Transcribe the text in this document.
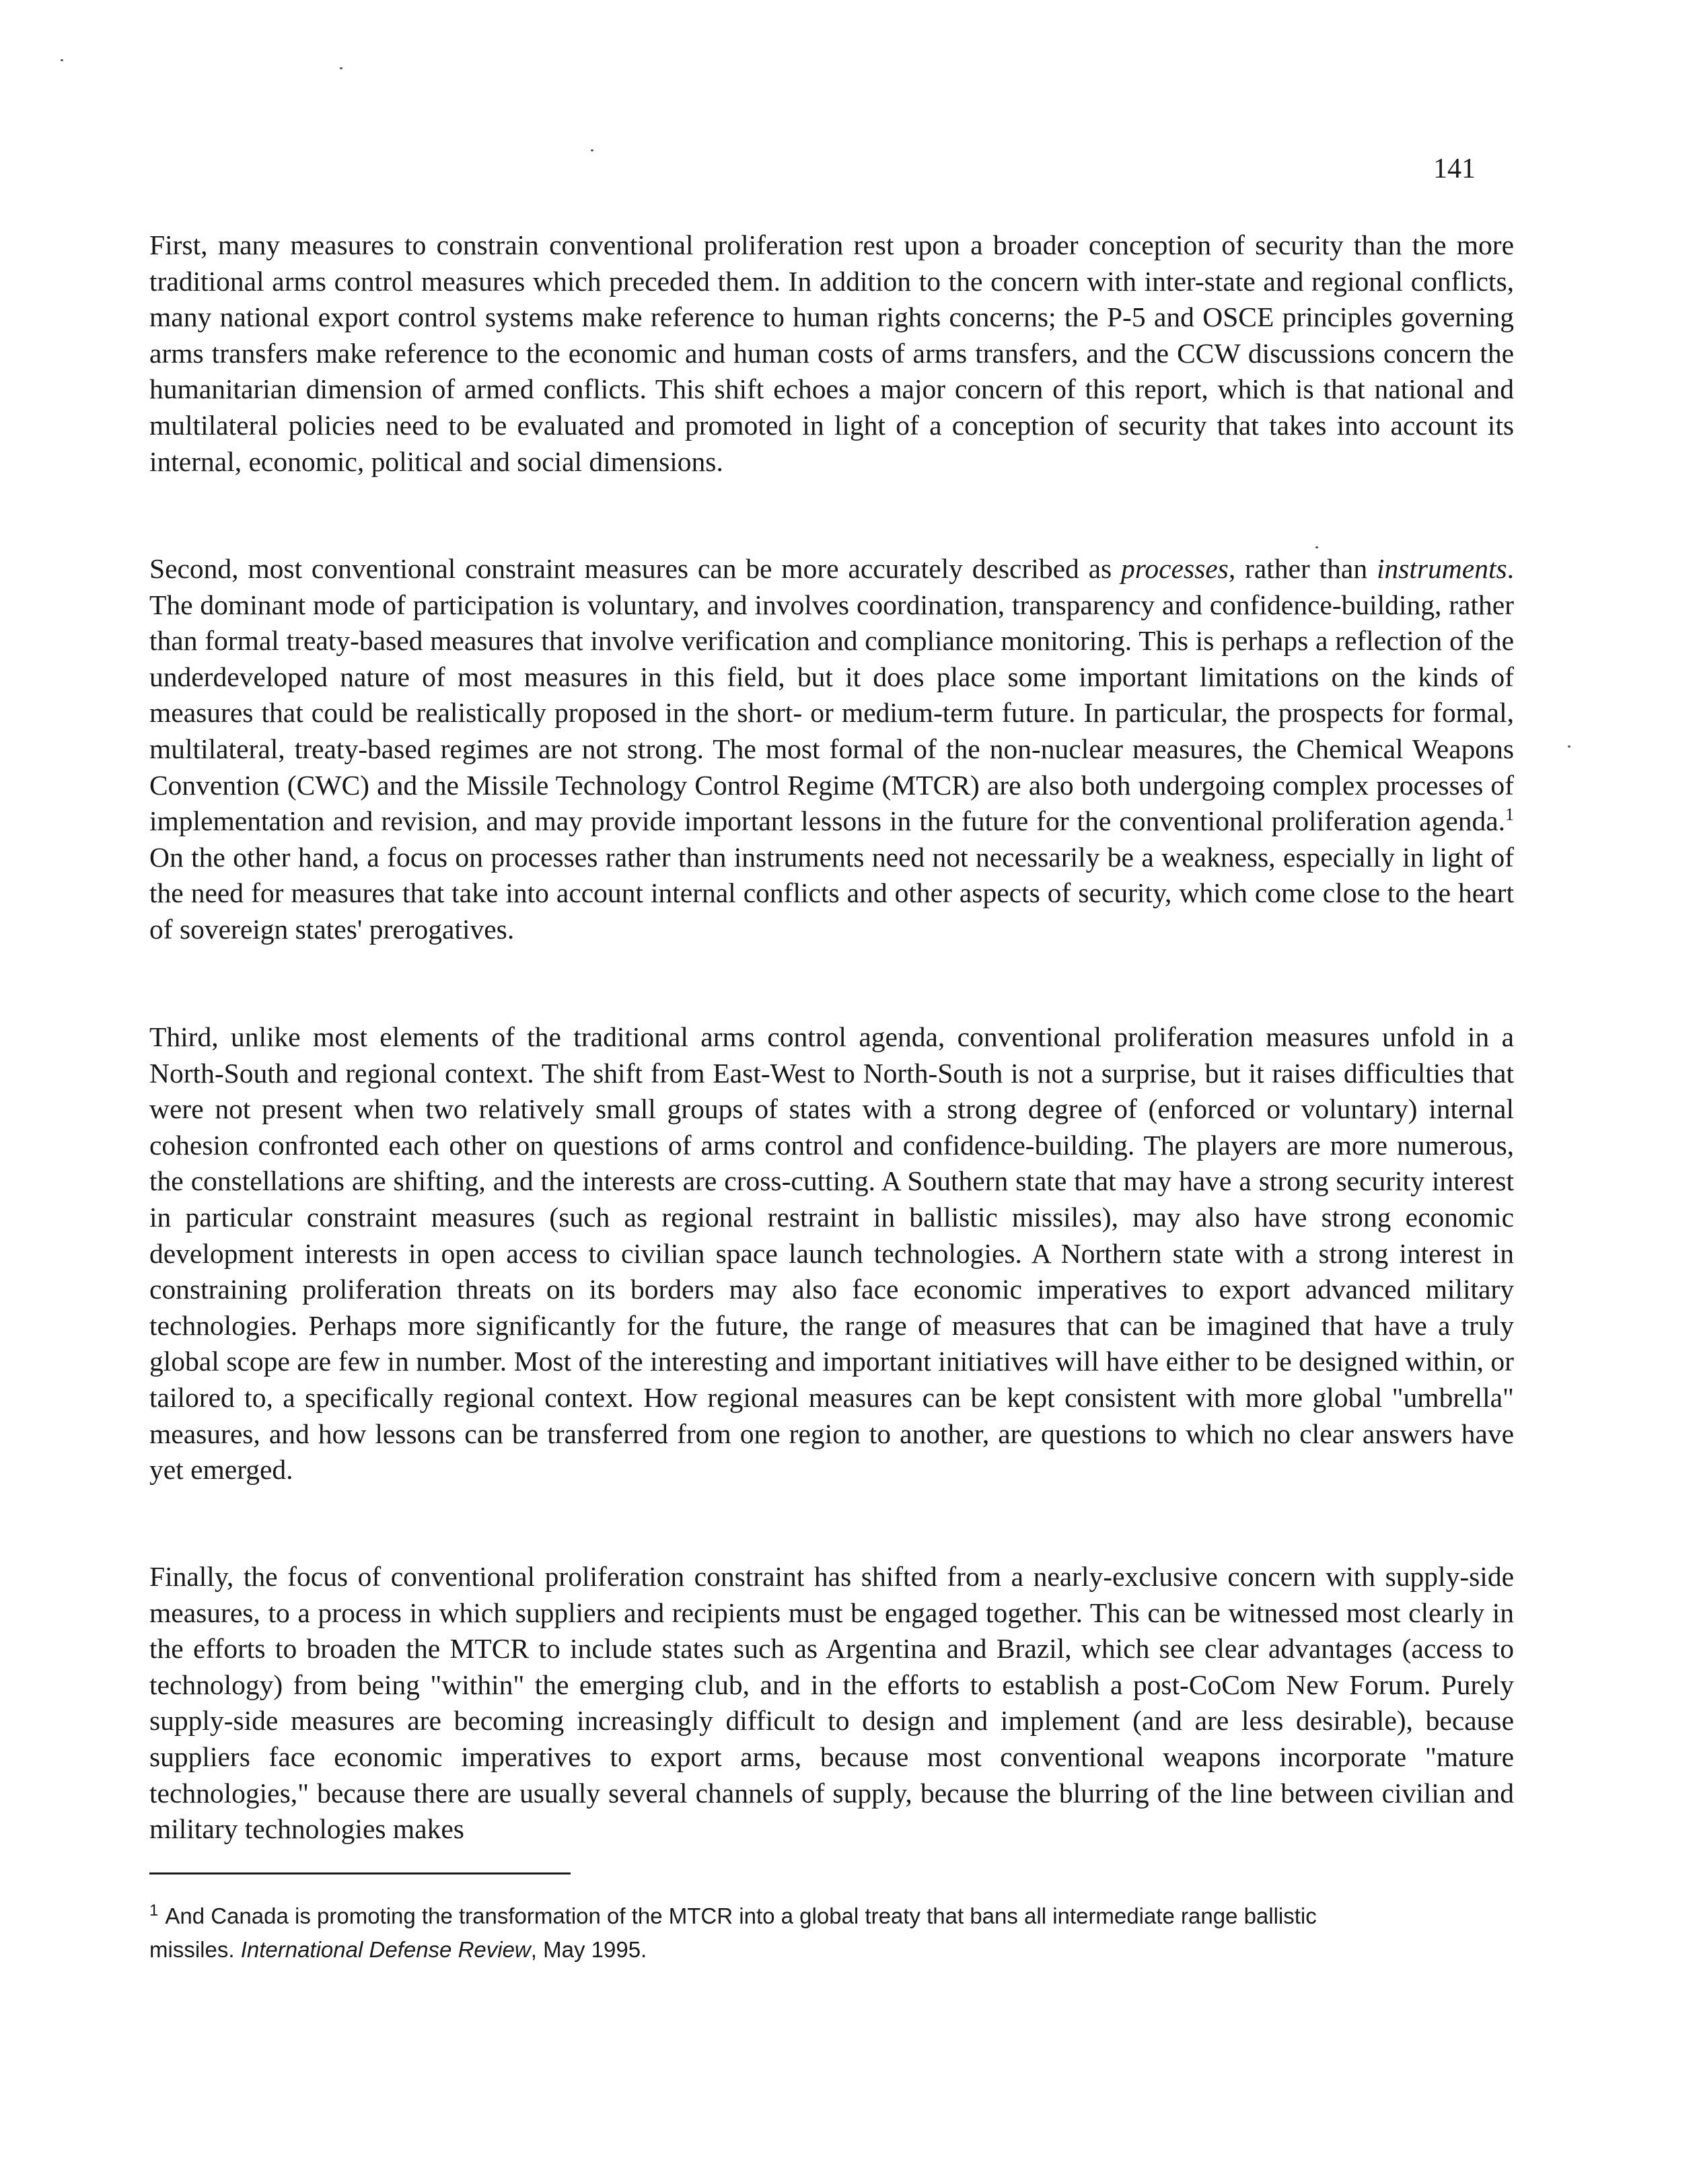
141

First, many measures to constrain conventional proliferation rest upon a broader conception of security than the more traditional arms control measures which preceded them. In addition to the concern with inter-state and regional conflicts, many national export control systems make reference to human rights concerns; the P-5 and OSCE principles governing arms transfers make reference to the economic and human costs of arms transfers, and the CCW discussions concern the humanitarian dimension of armed conflicts. This shift echoes a major concern of this report, which is that national and multilateral policies need to be evaluated and promoted in light of a conception of security that takes into account its internal, economic, political and social dimensions.

Second, most conventional constraint measures can be more accurately described as processes, rather than instruments. The dominant mode of participation is voluntary, and involves coordination, transparency and confidence-building, rather than formal treaty-based measures that involve verification and compliance monitoring. This is perhaps a reflection of the underdeveloped nature of most measures in this field, but it does place some important limitations on the kinds of measures that could be realistically proposed in the short- or medium-term future. In particular, the prospects for formal, multilateral, treaty-based regimes are not strong. The most formal of the non-nuclear measures, the Chemical Weapons Convention (CWC) and the Missile Technology Control Regime (MTCR) are also both undergoing complex processes of implementation and revision, and may provide important lessons in the future for the conventional proliferation agenda.$^1$ On the other hand, a focus on processes rather than instruments need not necessarily be a weakness, especially in light of the need for measures that take into account internal conflicts and other aspects of security, which come close to the heart of sovereign states' prerogatives.

Third, unlike most elements of the traditional arms control agenda, conventional proliferation measures unfold in a North-South and regional context. The shift from East-West to North-South is not a surprise, but it raises difficulties that were not present when two relatively small groups of states with a strong degree of (enforced or voluntary) internal cohesion confronted each other on questions of arms control and confidence-building. The players are more numerous, the constellations are shifting, and the interests are cross-cutting. A Southern state that may have a strong security interest in particular constraint measures (such as regional restraint in ballistic missiles), may also have strong economic development interests in open access to civilian space launch technologies. A Northern state with a strong interest in constraining proliferation threats on its borders may also face economic imperatives to export advanced military technologies. Perhaps more significantly for the future, the range of measures that can be imagined that have a truly global scope are few in number. Most of the interesting and important initiatives will have either to be designed within, or tailored to, a specifically regional context. How regional measures can be kept consistent with more global "umbrella" measures, and how lessons can be transferred from one region to another, are questions to which no clear answers have yet emerged.

Finally, the focus of conventional proliferation constraint has shifted from a nearly-exclusive concern with supply-side measures, to a process in which suppliers and recipients must be engaged together. This can be witnessed most clearly in the efforts to broaden the MTCR to include states such as Argentina and Brazil, which see clear advantages (access to technology) from being "within" the emerging club, and in the efforts to establish a post-CoCom New Forum. Purely supply-side measures are becoming increasingly difficult to design and implement (and are less desirable), because suppliers face economic imperatives to export arms, because most conventional weapons incorporate "mature technologies," because there are usually several channels of supply, because the blurring of the line between civilian and military technologies makes

$^1$ And Canada is promoting the transformation of the MTCR into a global treaty that bans all intermediate range ballistic missiles. International Defense Review, May 1995.
